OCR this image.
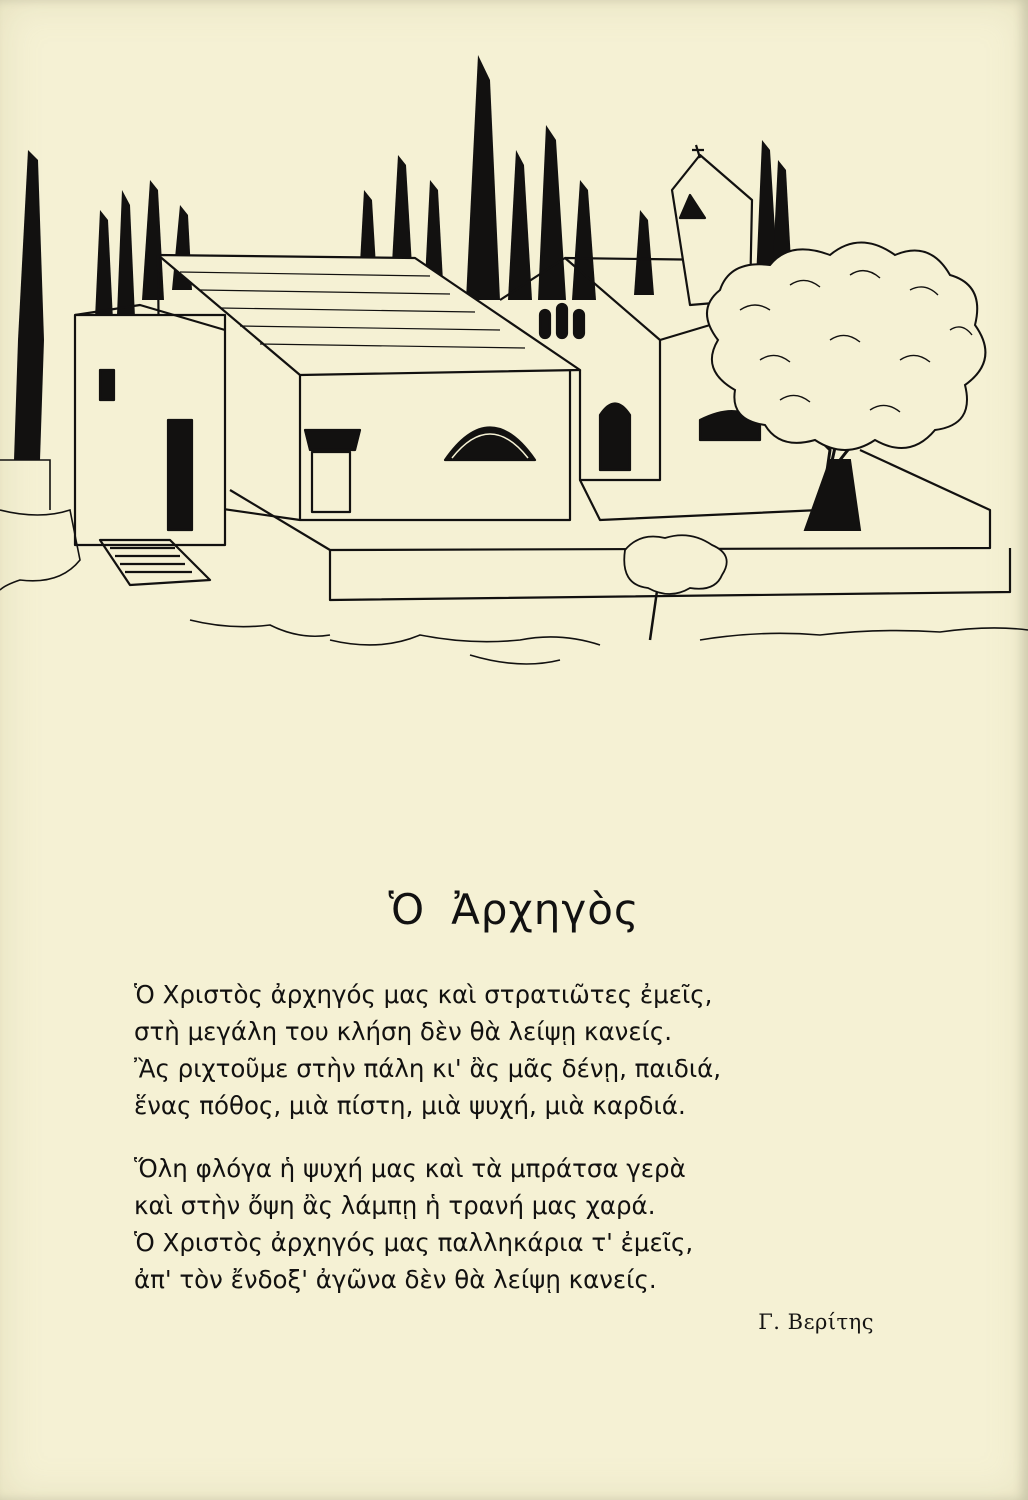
Ὁ Ἀρχηγὸς
Ὁ Χριστὸς ἀρχηγός μας καὶ στρατιῶτες ἐμεῖς,
στὴ μεγάλη του κλήση δὲν θὰ λείψῃ κανείς.
Ἂς ριχτοῦμε στὴν πάλη κι' ἂς μᾶς δένῃ, παιδιά,
ἕνας πόθος, μιὰ πίστη, μιὰ ψυχή, μιὰ καρδιά.
Ὅλη φλόγα ἡ ψυχή μας καὶ τὰ μπράτσα γερὰ
καὶ στὴν ὄψη ἂς λάμπῃ ἡ τρανή μας χαρά.
Ὁ Χριστὸς ἀρχηγός μας παλληκάρια τ' ἐμεῖς,
ἀπ' τὸν ἔνδοξ' ἀγῶνα δὲν θὰ λείψῃ κανείς.

Γ. Βερίτης
